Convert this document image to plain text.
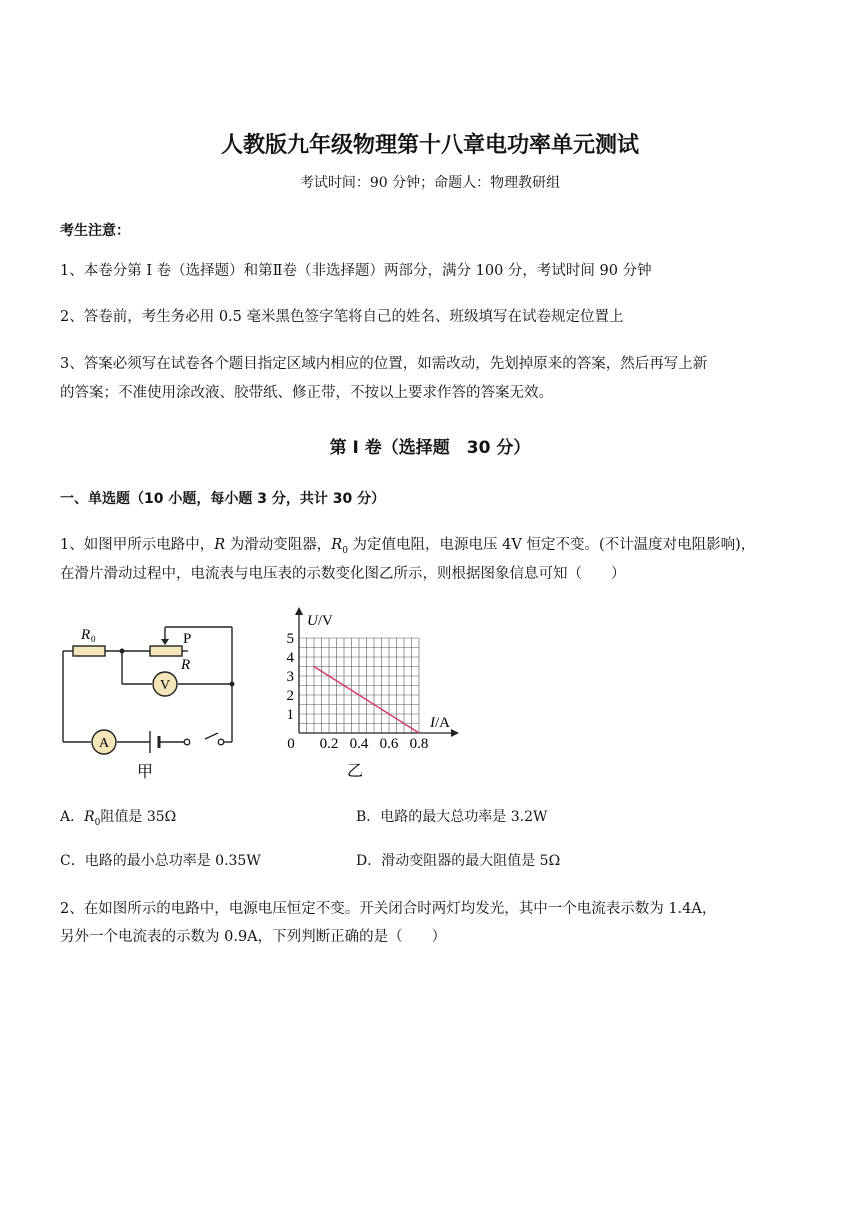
人教版九年级物理第十八章电功率单元测试
考试时间：90 分钟；命题人：物理教研组
考生注意：
1、本卷分第 I 卷（选择题）和第Ⅱ卷（非选择题）两部分，满分 100 分，考试时间 90 分钟
2、答卷前，考生务必用 0.5 毫米黑色签字笔将自己的姓名、班级填写在试卷规定位置上
3、答案必须写在试卷各个题目指定区域内相应的位置，如需改动，先划掉原来的答案，然后再写上新
的答案；不准使用涂改液、胶带纸、修正带，不按以上要求作答的答案无效。
第 I 卷（选择题　30 分）
一、单选题（10 小题，每小题 3 分，共计 30 分）
1、如图甲所示电路中，R 为滑动变阻器，$R_0$ 为定值电阻，电源电压 4V 恒定不变。(不计温度对电阻影响)，
在滑片滑动过程中，电流表与电压表的示数变化图乙所示，则根据图象信息可知（　　）
V
A
R 0	P
R
甲
1
2
3
4
5
0.2 0.4 0.6 0.8
U/V
I/A
0
乙
A．$R_0$阻值是 35Ω	B．电路的最大总功率是 3.2W
C．电路的最小总功率是 0.35W	D．滑动变阻器的最大阻值是 5Ω
2、在如图所示的电路中，电源电压恒定不变。开关闭合时两灯均发光，其中一个电流表示数为 1.4A，
另外一个电流表的示数为 0.9A，下列判断正确的是（　　）
